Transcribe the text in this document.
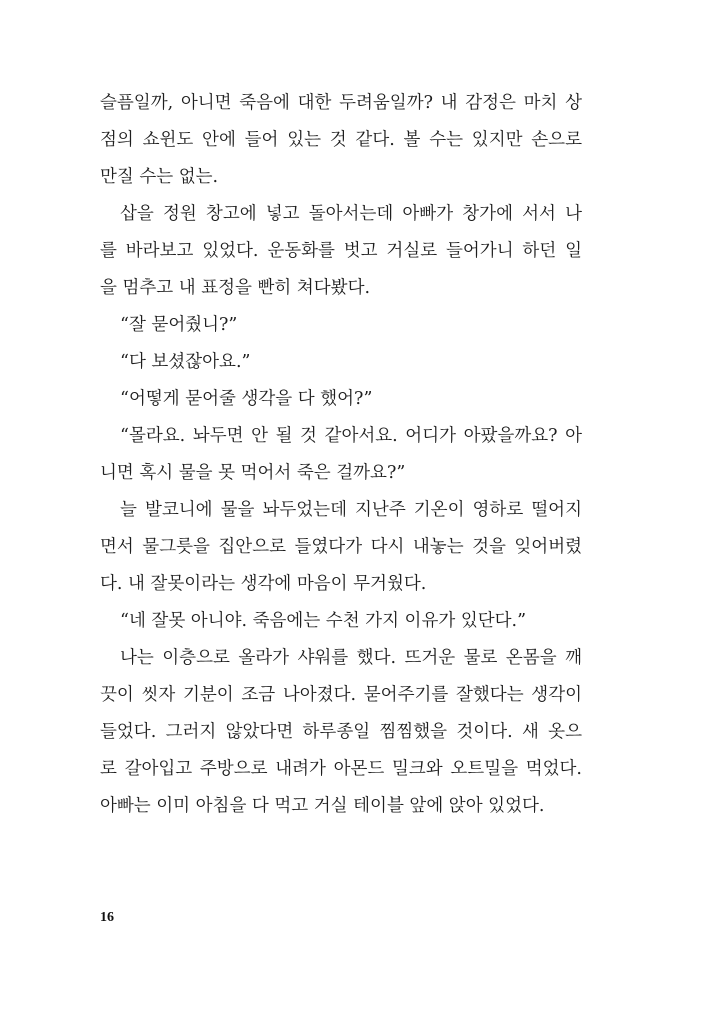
슬픔일까, 아니면 죽음에 대한 두려움일까? 내 감정은 마치 상
점의 쇼윈도 안에 들어 있는 것 같다. 볼 수는 있지만 손으로
만질 수는 없는.
삽을 정원 창고에 넣고 돌아서는데 아빠가 창가에 서서 나
를 바라보고 있었다. 운동화를 벗고 거실로 들어가니 하던 일
을 멈추고 내 표정을 빤히 쳐다봤다.
“잘 묻어줬니?”
“다 보셨잖아요.”
“어떻게 묻어줄 생각을 다 했어?”
“몰라요. 놔두면 안 될 것 같아서요. 어디가 아팠을까요? 아
니면 혹시 물을 못 먹어서 죽은 걸까요?”
늘 발코니에 물을 놔두었는데 지난주 기온이 영하로 떨어지
면서 물그릇을 집안으로 들였다가 다시 내놓는 것을 잊어버렸
다. 내 잘못이라는 생각에 마음이 무거웠다.
“네 잘못 아니야. 죽음에는 수천 가지 이유가 있단다.”
나는 이층으로 올라가 샤워를 했다. 뜨거운 물로 온몸을 깨
끗이 씻자 기분이 조금 나아졌다. 묻어주기를 잘했다는 생각이
들었다. 그러지 않았다면 하루종일 찜찜했을 것이다. 새 옷으
로 갈아입고 주방으로 내려가 아몬드 밀크와 오트밀을 먹었다.
아빠는 이미 아침을 다 먹고 거실 테이블 앞에 앉아 있었다.
16
